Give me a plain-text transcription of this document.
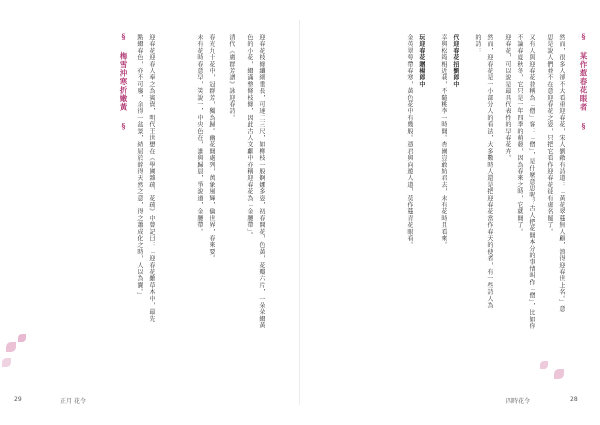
迎春花枝條纖細垂長，可達二三尺，如柳枝一般婀娜多姿，初春開花，色黃，花瓣六片，一朵朵綴黃
色的小花，綴滿整條枝條，因此古人文獻中亦稱迎春花為「金腰帶」。
清代《廣群芳譜》詠迎春詩。
春光九十花中，冠群芳，獨為歸。幽花開處列，萬象風輝，倫世界，春來要。
未有花時春意早，笑說一，中央色在，誰與歸晨，爭說道，金腰帶。
迎春花迎春人奉之為賓貴，明代王世懋在《學圃雜疏．花疏》中曾記曰：「迎春花雖草木中，最先
點綴春色，亦不可廢，余得一盆景，結屈於幹得天然之意，得之蕭成化之時，人以為寶。」
§ 梅雪沖寒折嫩黃 §
29	正月 花令
然而，很多人卻不大看重迎春花，宋人劉敞有詩道：「黃花翠蔓無人顧，浪得迎春世上名。」意
思是說人們並不在意迎春花之姿，只把它看作迎春花徒有虛名罷了。
又有人與迎春花並稱為「僧」客：「僧」，是什麼意思呢？古人把花開本分的事情叫作「僧」，比如你
不論春夏秋冬，它只是一年四季的萌發，因為春來之時，它就開了。
迎春花，可以說是最具代表性的早春花卉。
然而，迎春花是一小部分人的看法，大多數時人還是把迎春花當作春天的使者，有一些詩人為
的詩：
代迎春花招劉郎中
幸與松筠相近栽，不隨桃李一時開。杏園豈敢妨君去，未有花時且看來。
玩迎春花贈楊郎中
金英翠萼帶春寒，黃色花中有幾般。憑君與向遊人道，莫作蔓青花眼看。	§ 某作惹春花眼者 §
四時花令	28
